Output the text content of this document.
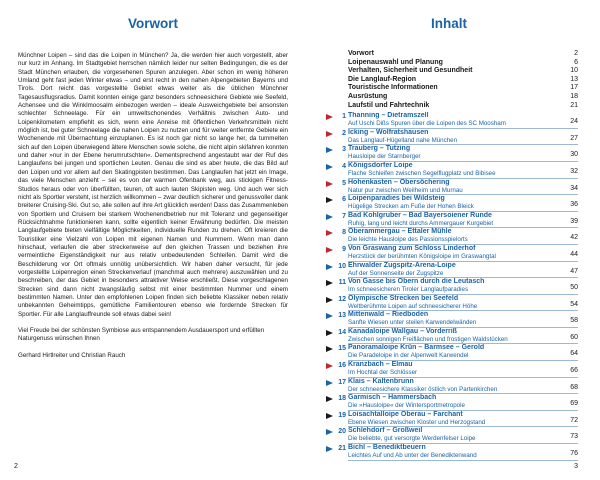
Vorwort

Münchner Loipen – sind das die Loipen in München? Ja, die werden hier auch vorgestellt, aber nur kurz im Anhang. Im Stadtgebiet herrschen nämlich leider nur selten Bedingungen, die es der Stadt München erlauben, die vorgesehenen Spuren anzulegen. Aber schon im wenig höheren Umland geht fast jeden Winter etwas – und erst recht in den nahen Alpengebieten Bayerns und Tirols. Dort reicht das vorgestellte Gebiet etwas weiter als die üblichen Münchner Tagesausflugsradius. Damit konnten einige ganz besonders schneesichere Gebiete wie Seefeld, Achensee und die Winklmoosalm einbezogen werden – ideale Ausweichgebiete bei ansonsten schlechter Schneelage. Für ein umweltschonendes Verhältnis zwischen Auto- und Loipenkilometern empfiehlt es sich, wenn eine Anreise mit öffentlichen Verkehrsmitteln nicht möglich ist, bei guter Schneelage die nahen Loipen zu nutzen und für weiter entfernte Gebiete ein Wochenende mit Übernachtung einzuplanen. Es ist noch gar nicht so lange her, da tummelten sich auf den Loipen überwiegend ältere Menschen sowie solche, die nicht alpin skifahren konnten und daher »nur in der Ebene herumrutschten«. Dementsprechend angestaubt war der Ruf des Langlaufens bei jungen und sportlichen Leuten. Genau die sind es aber heute, die das Bild auf den Loipen und vor allem auf den Skatingpisten bestimmen. Das Langlaufen hat jetzt ein Image, das viele Menschen anzieht – sei es von der warmen Ofenbank weg, aus stickigen Fitness-Studios heraus oder von überfüllten, teuren, oft auch lauten Skipisten weg. Und auch wer sich nicht als Sportler versteht, ist herzlich willkommen – zwar deutlich sicherer und genussvoller dank breiterer Cruising-Ski. Gut so, alle sollen auf ihre Art glücklich werden! Dass das Zusammenleben von Sportlern und Cruisern bei starkem Wochenendbetrieb nur mit Toleranz und gegenseitiger Rücksichtnahme funktionieren kann, sollte eigentlich keiner Erwähnung bedürfen. Die meisten Langlaufgebiete bieten vielfältige Möglichkeiten, individuelle Runden zu drehen. Oft kreieren die Touristiker eine Vielzahl von Loipen mit eigenen Namen und Nummern. Wenn man dann hinschaut, verlaufen die aber streckenweise auf den gleichen Trassen und beziehen ihre vermeintliche Eigenständigkeit nur aus relativ unbedeutenden Schleifen. Damit wird die Beschilderung vor Ort oftmals unnötig unübersichtlich. Wir haben daher versucht, für jede vorgestellte Loipenregion einen Streckenverlauf (manchmal auch mehrere) auszuwählen und zu beschreiben, der das Gebiet in besonders attraktiver Weise erschließt. Diese vorgeschlagenen Strecken sind dann nicht zwangsläufig selbst mit einer bestimmten Nummer und einem bestimmten Namen. Unter den empfohlenen Loipen finden sich beliebte Klassiker neben relativ unbekannten Geheimtipps, gemütliche Familientouren ebenso wie fordernde Strecken für Sportler. Für alle Langlauffreunde soll etwas dabei sein!

Viel Freude bei der schönsten Symbiose aus entspannendem Ausdauersport und erfüllten Naturgenuss wünschen Ihnen

Gerhard Hirtlreiter und Christian Rauch
2
Inhalt
Vorwort	2
Loipenauswahl und Planung	6
Verhalten, Sicherheit und Gesundheit	10
Die Langlauf-Region	13
Touristische Informationen	17
Ausrüstung	18
Laufstil und Fahrtechnik	21
1 Thanning – Dietramszell
Auf Uschi Dißs Spuren über die Loipen des SC Moosham	24
2 Icking – Wolfratshausen
Das Langlauf-Hügelland nahe München	27
3 Trauberg – Tutzing
Hausloipe der Starnberger	30
4 Königsdorfer Loipe
Flache Schleifen zwischen Segelflugplatz und Bibisee	32
5 Hohenkasten – Obersöchering
Natur pur zwischen Weilheim und Murnau	34
6 Loipenparadies bei Wildsteig
Hügelige Strecken am Fuße der Hohen Bleick	36
7 Bad Kohlgruber – Bad Bayersoiener Runde
Ruhig, lang und leicht durchs Ammergauer Kurgebiet	39
8 Oberammergau – Ettaler Mühle
Die leichte Hausloipe des Passionsspielorts	42
9 Von Graswang zum Schloss Linderhof
Herzstück der berühmten Königsloipe im Graswangtal	44
10 Ehrwalder Zugspitz-Arena-Loipe
Auf der Sonnenseite der Zugspitze	47
11 Von Gasse bis Obern durch die Leutasch
Im schneesicheren Tiroler Langlaufparadies	50
12 Olympische Strecken bei Seefeld
Weltberühmte Loipen auf schneesicherer Höhe	54
13 Mittenwald – Riedboden
Sanfte Wiesen unter steilen Karwendelwänden	58
14 Kanadaloipe Wallgau – Vorderriß
Zwischen sonnigen Freiflächen und frostigen Waldstücken	60
15 Panoramaloipe Krün – Barmsee – Gerold
Die Paradeloipe in der Alpenwelt Karwendel	64
16 Kranzbach – Elmau
Im Hochtal der Schlösser	66
17 Klais – Kaltenbrunn
Der schneesichere Klassiker östlich von Partenkirchen	68
18 Garmisch – Hammersbach
Die »Hausloipe« der Wintersportmetropole	69
19 Loisachtalloipe Oberau – Farchant
Ebene Wiesen zwischen Kloster und Herzogstand	72
20 Schlehdorf – Großweil
Die beliebte, gut versorgte Werdenfelser Loipe	73
21 Bichl – Benediktbeuern
Leichtes Auf und Ab unter der Benediktenwand	76
3
